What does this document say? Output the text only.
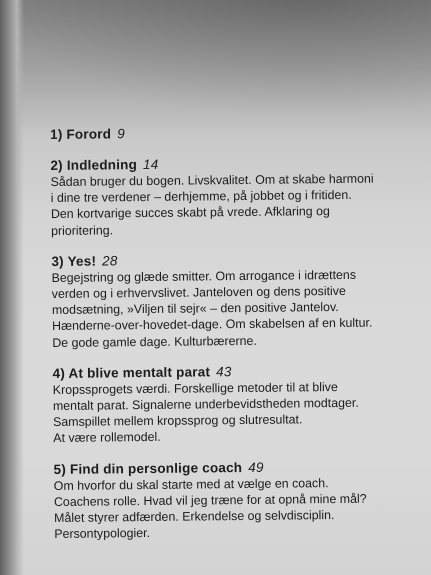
1) Forord 9
2) Indledning 14
Sådan bruger du bogen. Livskvalitet. Om at skabe harmoni
i dine tre verdener – derhjemme, på jobbet og i fritiden.
Den kortvarige succes skabt på vrede. Afklaring og
prioritering.
3) Yes! 28
Begejstring og glæde smitter. Om arrogance i idrættens
verden og i erhvervslivet. Janteloven og dens positive
modsætning, »Viljen til sejr« – den positive Jantelov.
Hænderne-over-hovedet-dage. Om skabelsen af en kultur.
De gode gamle dage. Kulturbærerne.
4) At blive mentalt parat 43
Kropssprogets værdi. Forskellige metoder til at blive
mentalt parat. Signalerne underbevidstheden modtager.
Samspillet mellem kropssprog og slutresultat.
At være rollemodel.
5) Find din personlige coach 49
Om hvorfor du skal starte med at vælge en coach.
Coachens rolle. Hvad vil jeg træne for at opnå mine mål?
Målet styrer adfærden. Erkendelse og selvdisciplin.
Persontypologier.
